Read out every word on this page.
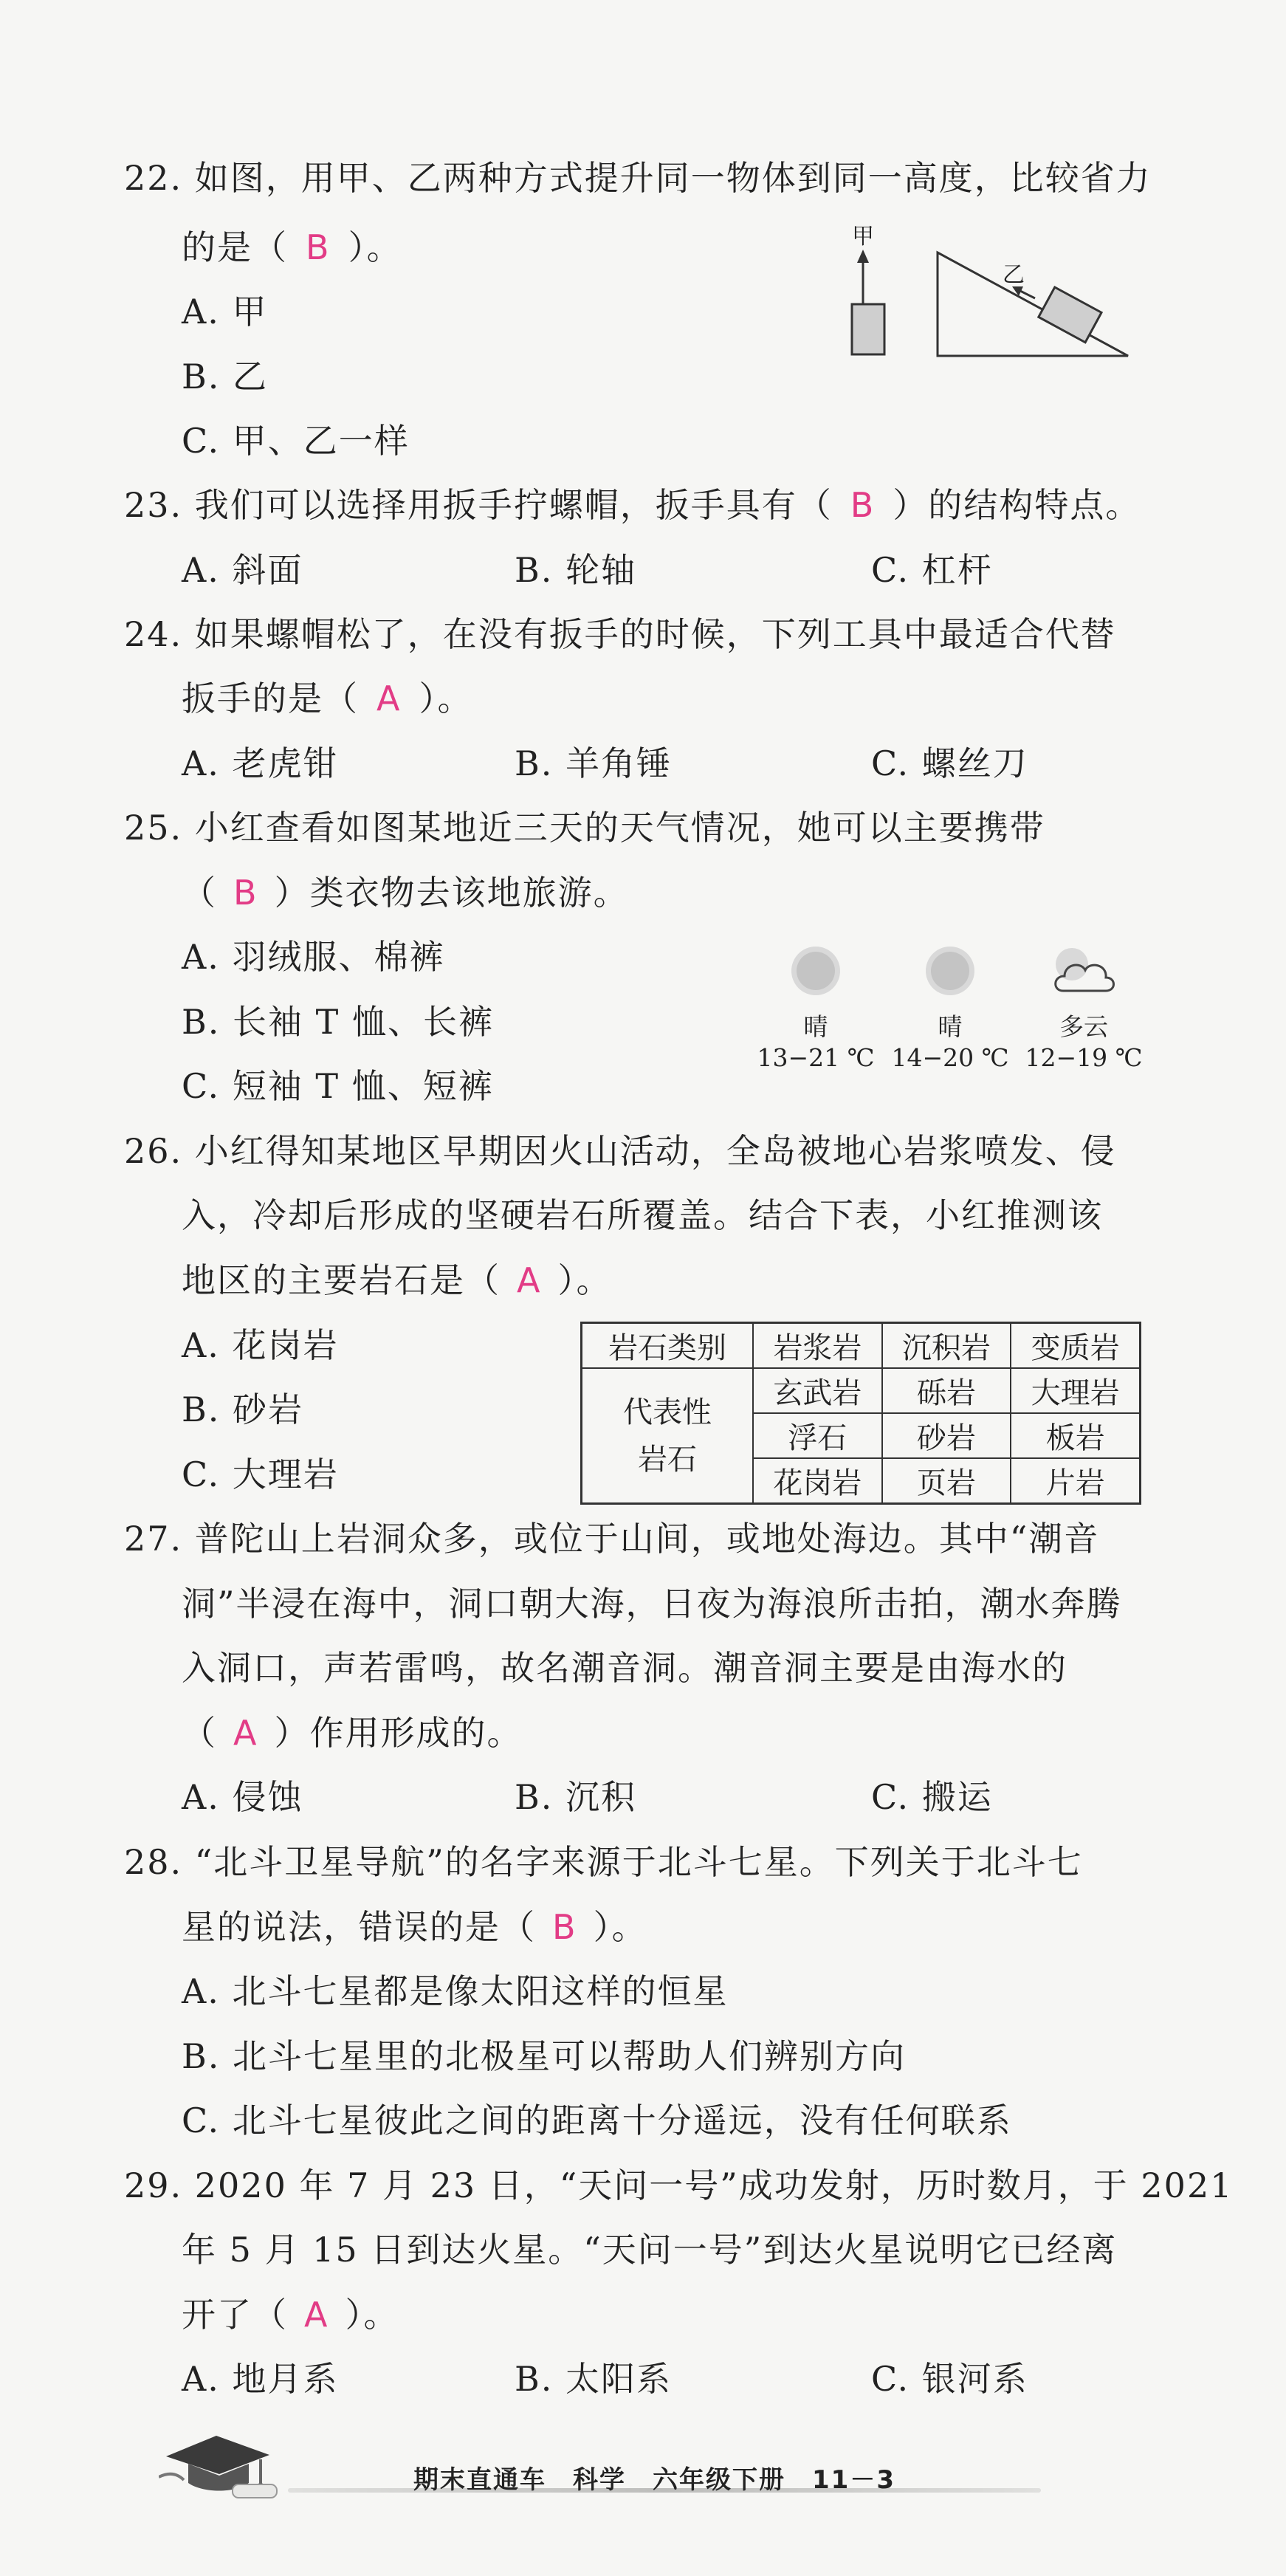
22. 如图，用甲、乙两种方式提升同一物体到同一高度，比较省力
的是（ B ）。
A. 甲
B. 乙
C. 甲、乙一样
甲
乙
23. 我们可以选择用扳手拧螺帽，扳手具有（ B ）的结构特点。
A. 斜面	B. 轮轴	C. 杠杆
24. 如果螺帽松了，在没有扳手的时候，下列工具中最适合代替
扳手的是（ A ）。
A. 老虎钳	B. 羊角锤	C. 螺丝刀
25. 小红查看如图某地近三天的天气情况，她可以主要携带
（ B ）类衣物去该地旅游。
A. 羽绒服、棉裤
B. 长袖 T 恤、长裤
C. 短袖 T 恤、短裤
晴
13−21 ℃
晴
14−20 ℃
多云
12−19 ℃
26. 小红得知某地区早期因火山活动，全岛被地心岩浆喷发、侵
入，冷却后形成的坚硬岩石所覆盖。结合下表，小红推测该
地区的主要岩石是（ A ）。
A. 花岗岩
B. 砂岩
C. 大理岩
岩石类别	岩浆岩	沉积岩	变质岩
代表性
岩石	玄武岩	砾岩	大理岩
	浮石	砂岩	板岩
	花岗岩	页岩	片岩
27. 普陀山上岩洞众多，或位于山间，或地处海边。其中“潮音
洞”半浸在海中，洞口朝大海，日夜为海浪所击拍，潮水奔腾
入洞口，声若雷鸣，故名潮音洞。潮音洞主要是由海水的
（ A ）作用形成的。
A. 侵蚀	B. 沉积	C. 搬运
28. “北斗卫星导航”的名字来源于北斗七星。下列关于北斗七
星的说法，错误的是（ B ）。
A. 北斗七星都是像太阳这样的恒星
B. 北斗七星里的北极星可以帮助人们辨别方向
C. 北斗七星彼此之间的距离十分遥远，没有任何联系
29. 2020 年 7 月 23 日，“天问一号”成功发射，历时数月，于 2021
年 5 月 15 日到达火星。“天问一号”到达火星说明它已经离
开了（ A ）。
A. 地月系	B. 太阳系	C. 银河系
期末直通车　科学　六年级下册　11－3
